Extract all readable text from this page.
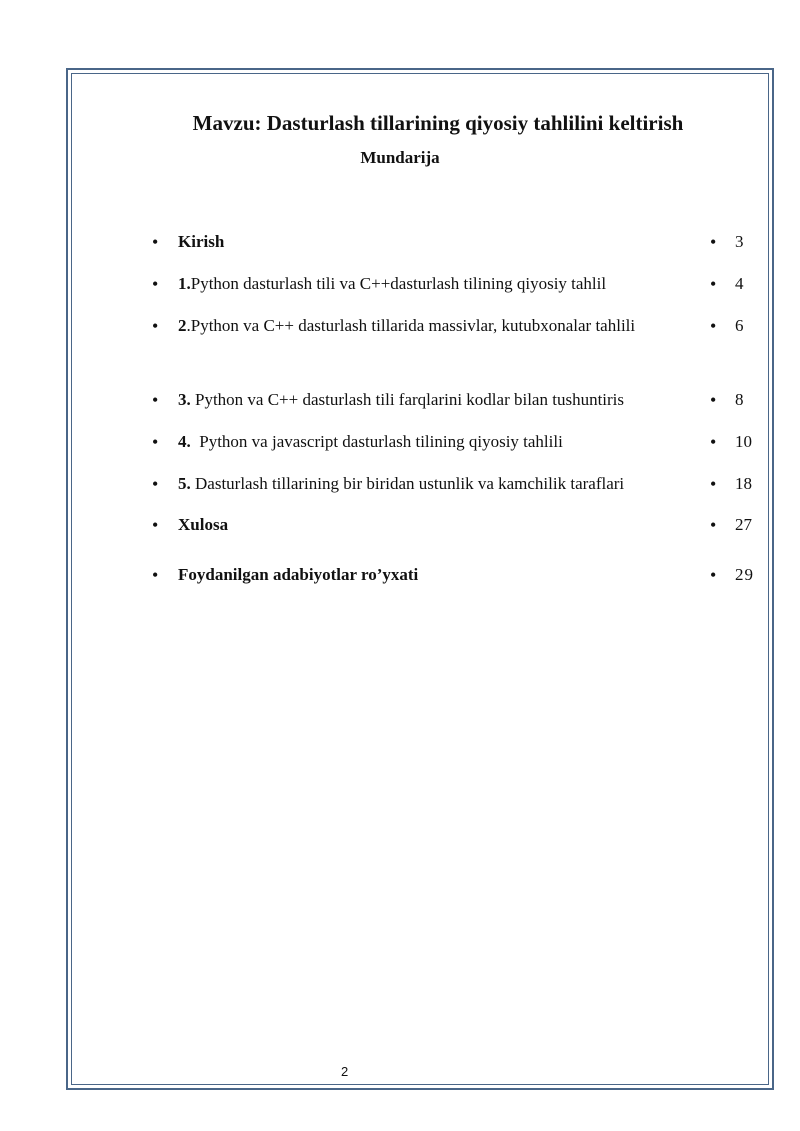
Mavzu: Dasturlash tillarining qiyosiy tahlilini keltirish
Mundarija
• Kirish	• 3
• 1.Python dasturlash tili va C++dasturlash tilining qiyosiy tahlil	• 4
• 2.Python va C++ dasturlash tillarida massivlar, kutubxonalar tahlili	• 6
• 3. Python va C++ dasturlash tili farqlarini kodlar bilan tushuntiris	• 8
• 4.  Python va javascript dasturlash tilining qiyosiy tahlili	• 10
• 5. Dasturlash tillarining bir biridan ustunlik va kamchilik taraflari	• 18
• Xulosa	• 27
• Foydanilgan adabiyotlar ro’yxati	• 29
2
